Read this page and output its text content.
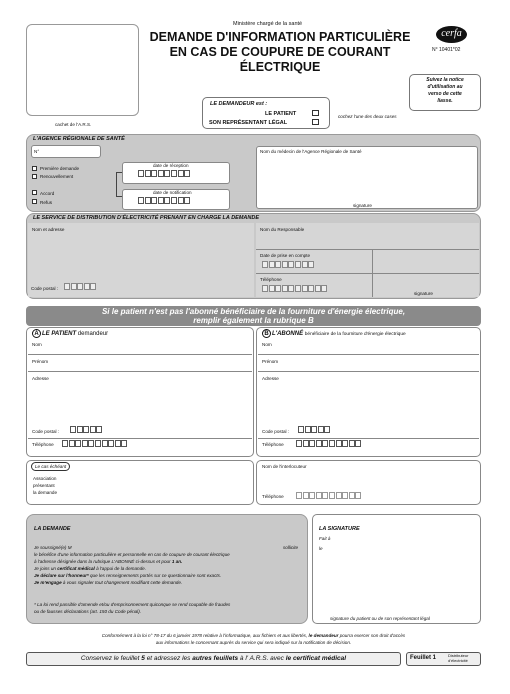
cachet de l'A.R.S.
Ministère chargé de la santé
DEMANDE D'INFORMATION PARTICULIÈRE
EN CAS DE COUPURE DE COURANT
ÉLECTRIQUE
cerfa
N° 10401*02
Suivez la notice
d'utilisation au
verso de cette
liasse.
LE DEMANDEUR est :
LE PATIENT
SON REPRÉSENTANT LÉGAL
cochez l'une des deux cases
L'AGENCE RÉGIONALE DE SANTÉ
N°
Première demande
Renouvellement
Accord
Refus
date de réception
date de notification
Nom du médecin de l'Agence Régionale de Santé
signature
LE SERVICE DE DISTRIBUTION D'ÉLECTRICITÉ PRENANT EN CHARGE LA DEMANDE
Nom et adresse
Code postal :
Nom du Responsable
Date de prise en compte
Téléphone
signature
Si le patient n'est pas l'abonné bénéficiaire de la fourniture d'énergie électrique,
remplir également la rubrique B
A LE PATIENT demandeur
Nom
Prénom
Adresse
Code postal :
Téléphone
B L'ABONNÉ bénéficiaire de la fourniture d'énergie électrique
Nom
Prénom
Adresse
Code postal :
Téléphone
Le cas échéant
Association
présentant
la demande
Nom de l'interlocuteur
Téléphone
LA DEMANDE
Je soussigné(e) M	sollicite
le bénéfice d'une information particulière et personnelle en cas de coupure de courant électrique
à l'adresse désignée dans la rubrique L'ABONNÉ ci-dessus et pour 1 an.
Je joins un certificat médical à l'appui de la demande.
Je déclare sur l'honneur* que les renseignements portés sur ce questionnaire sont exacts.
Je m'engage à vous signaler tout changement modifiant cette demande.
* La loi rend passible d'amende et/ou d'emprisonnement quiconque se rend coupable de fraudes
ou de fausses déclarations (art. 150 du Code pénal).
LA SIGNATURE
Fait à
le
signature du patient ou de son représentant légal
Conformément à la loi n° 78-17 du 6 janvier 1978 relative à l'informatique, aux fichiers et aux libertés, le demandeur pourra exercer son droit d'accès
aux informations le concernant auprès du service qui sera indiqué sur la notification de décision.
Conservez le feuillet 5 et adressez les autres feuillets à l' A.R.S. avec le certificat médical	Feuillet 1	Distributeur
d'électricité
